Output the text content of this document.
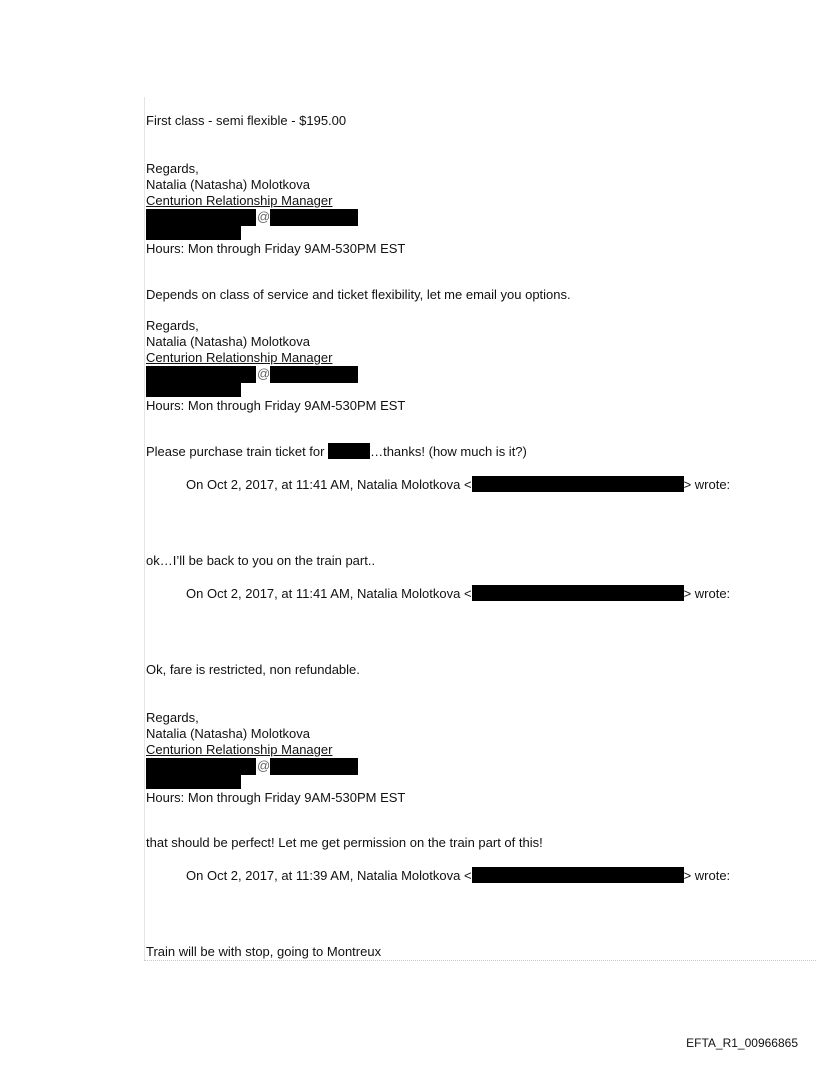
First class - semi flexible - $195.00
Regards,
Natalia (Natasha) Molotkova
Centurion Relationship Manager
@
Hours: Mon through Friday 9AM-530PM EST
Depends on class of service and ticket flexibility, let me email you options.
Regards,
Natalia (Natasha) Molotkova
Centurion Relationship Manager
@
Hours: Mon through Friday 9AM-530PM EST
Please purchase train ticket for	…thanks! (how much is it?)
On Oct 2, 2017, at 11:41 AM, Natalia Molotkova <	> wrote:
ok…I’ll be back to you on the train part..
On Oct 2, 2017, at 11:41 AM, Natalia Molotkova <	> wrote:
Ok, fare is restricted, non refundable.
Regards,
Natalia (Natasha) Molotkova
Centurion Relationship Manager
@
Hours: Mon through Friday 9AM-530PM EST
that should be perfect! Let me get permission on the train part of this!
On Oct 2, 2017, at 11:39 AM, Natalia Molotkova <	> wrote:
Train will be with stop, going to Montreux
EFTA_R1_00966865
